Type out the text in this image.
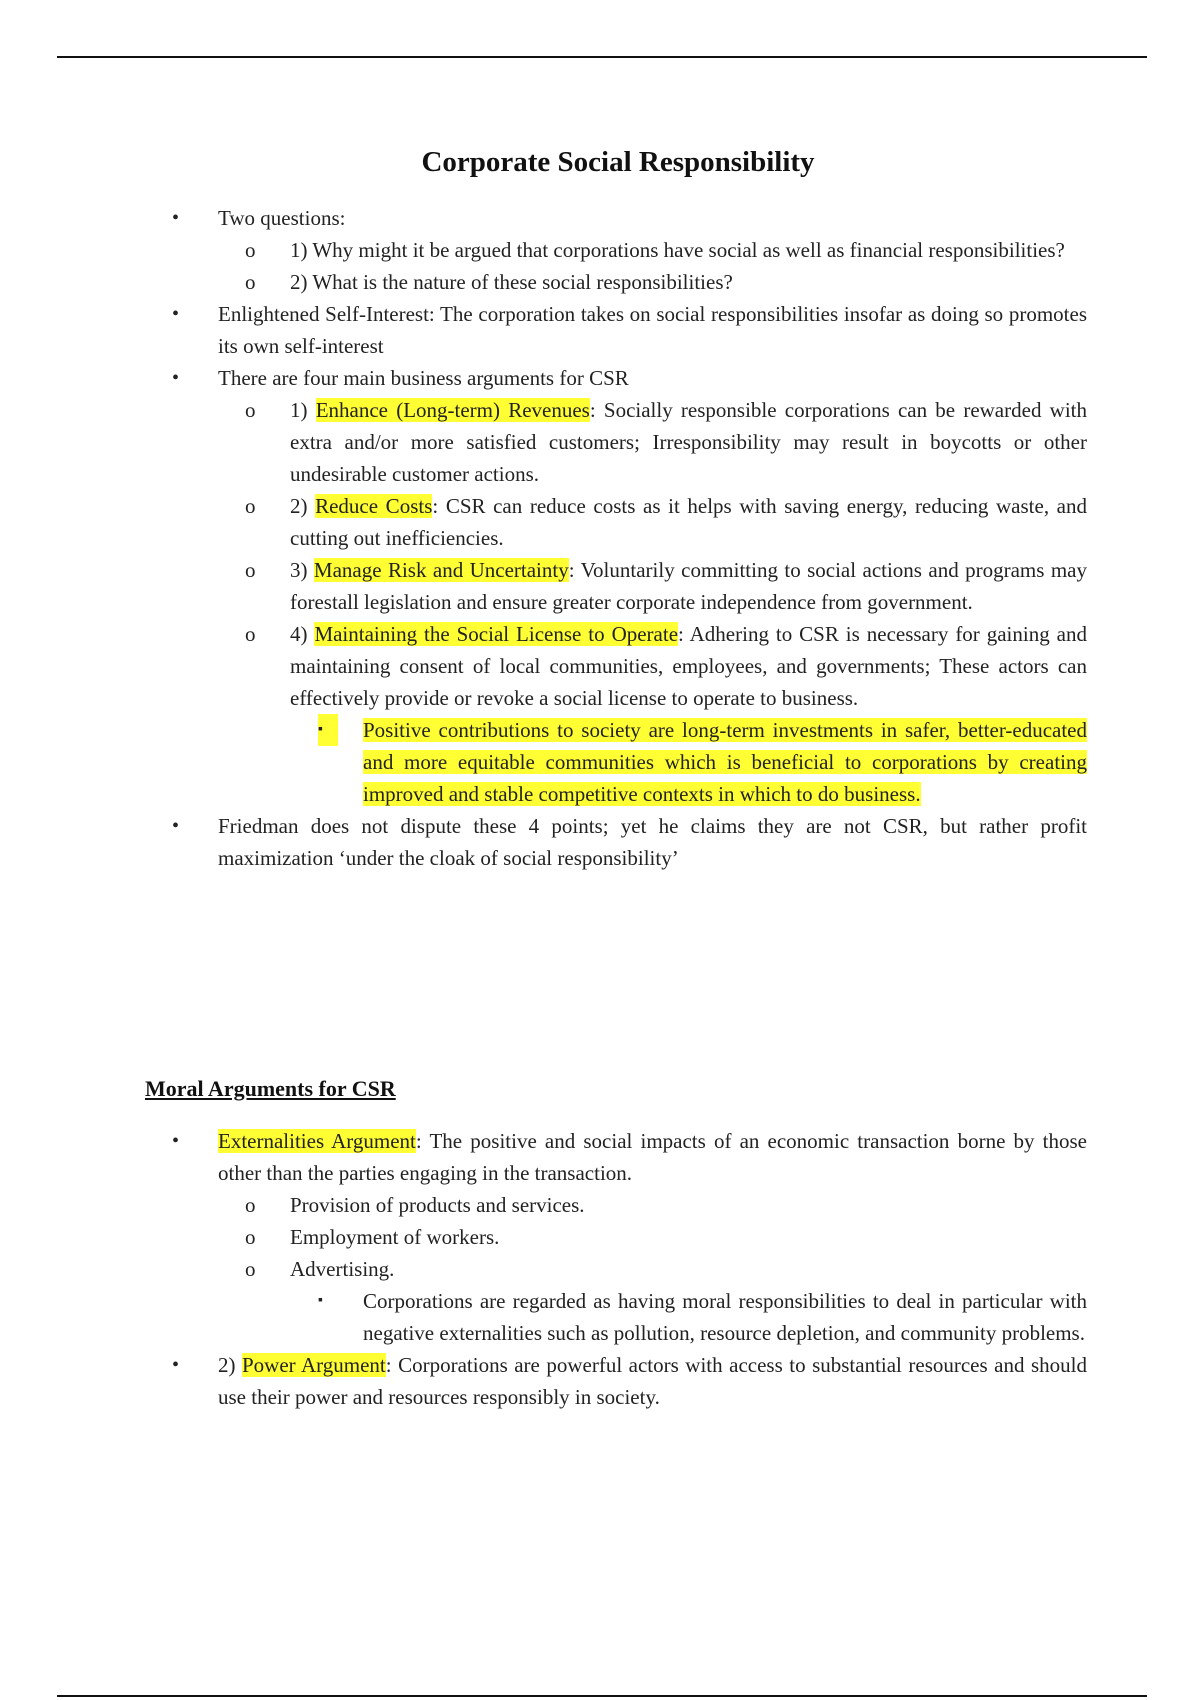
Corporate Social Responsibility
•	Two questions:
o	1) Why might it be argued that corporations have social as well as financial responsibilities?
o	2) What is the nature of these social responsibilities?
•	Enlightened Self-Interest: The corporation takes on social responsibilities insofar as doing so promotes its own self-interest
•	There are four main business arguments for CSR
o	1) Enhance (Long-term) Revenues: Socially responsible corporations can be rewarded with extra and/or more satisfied customers; Irresponsibility may result in boycotts or other undesirable customer actions.
o	2) Reduce Costs: CSR can reduce costs as it helps with saving energy, reducing waste, and cutting out inefficiencies.
o	3) Manage Risk and Uncertainty: Voluntarily committing to social actions and programs may forestall legislation and ensure greater corporate independence from government.
o	4) Maintaining the Social License to Operate: Adhering to CSR is necessary for gaining and maintaining consent of local communities, employees, and governments; These actors can effectively provide or revoke a social license to operate to business.
▪	Positive contributions to society are long-term investments in safer, better-educated and more equitable communities which is beneficial to corporations by creating improved and stable competitive contexts in which to do business.
•	Friedman does not dispute these 4 points; yet he claims they are not CSR, but rather profit maximization ‘under the cloak of social responsibility’
Moral Arguments for CSR
•	Externalities Argument: The positive and social impacts of an economic transaction borne by those other than the parties engaging in the transaction.
o	Provision of products and services.
o	Employment of workers.
o	Advertising.
▪	Corporations are regarded as having moral responsibilities to deal in particular with negative externalities such as pollution, resource depletion, and community problems.
•	2) Power Argument: Corporations are powerful actors with access to substantial resources and should use their power and resources responsibly in society.
